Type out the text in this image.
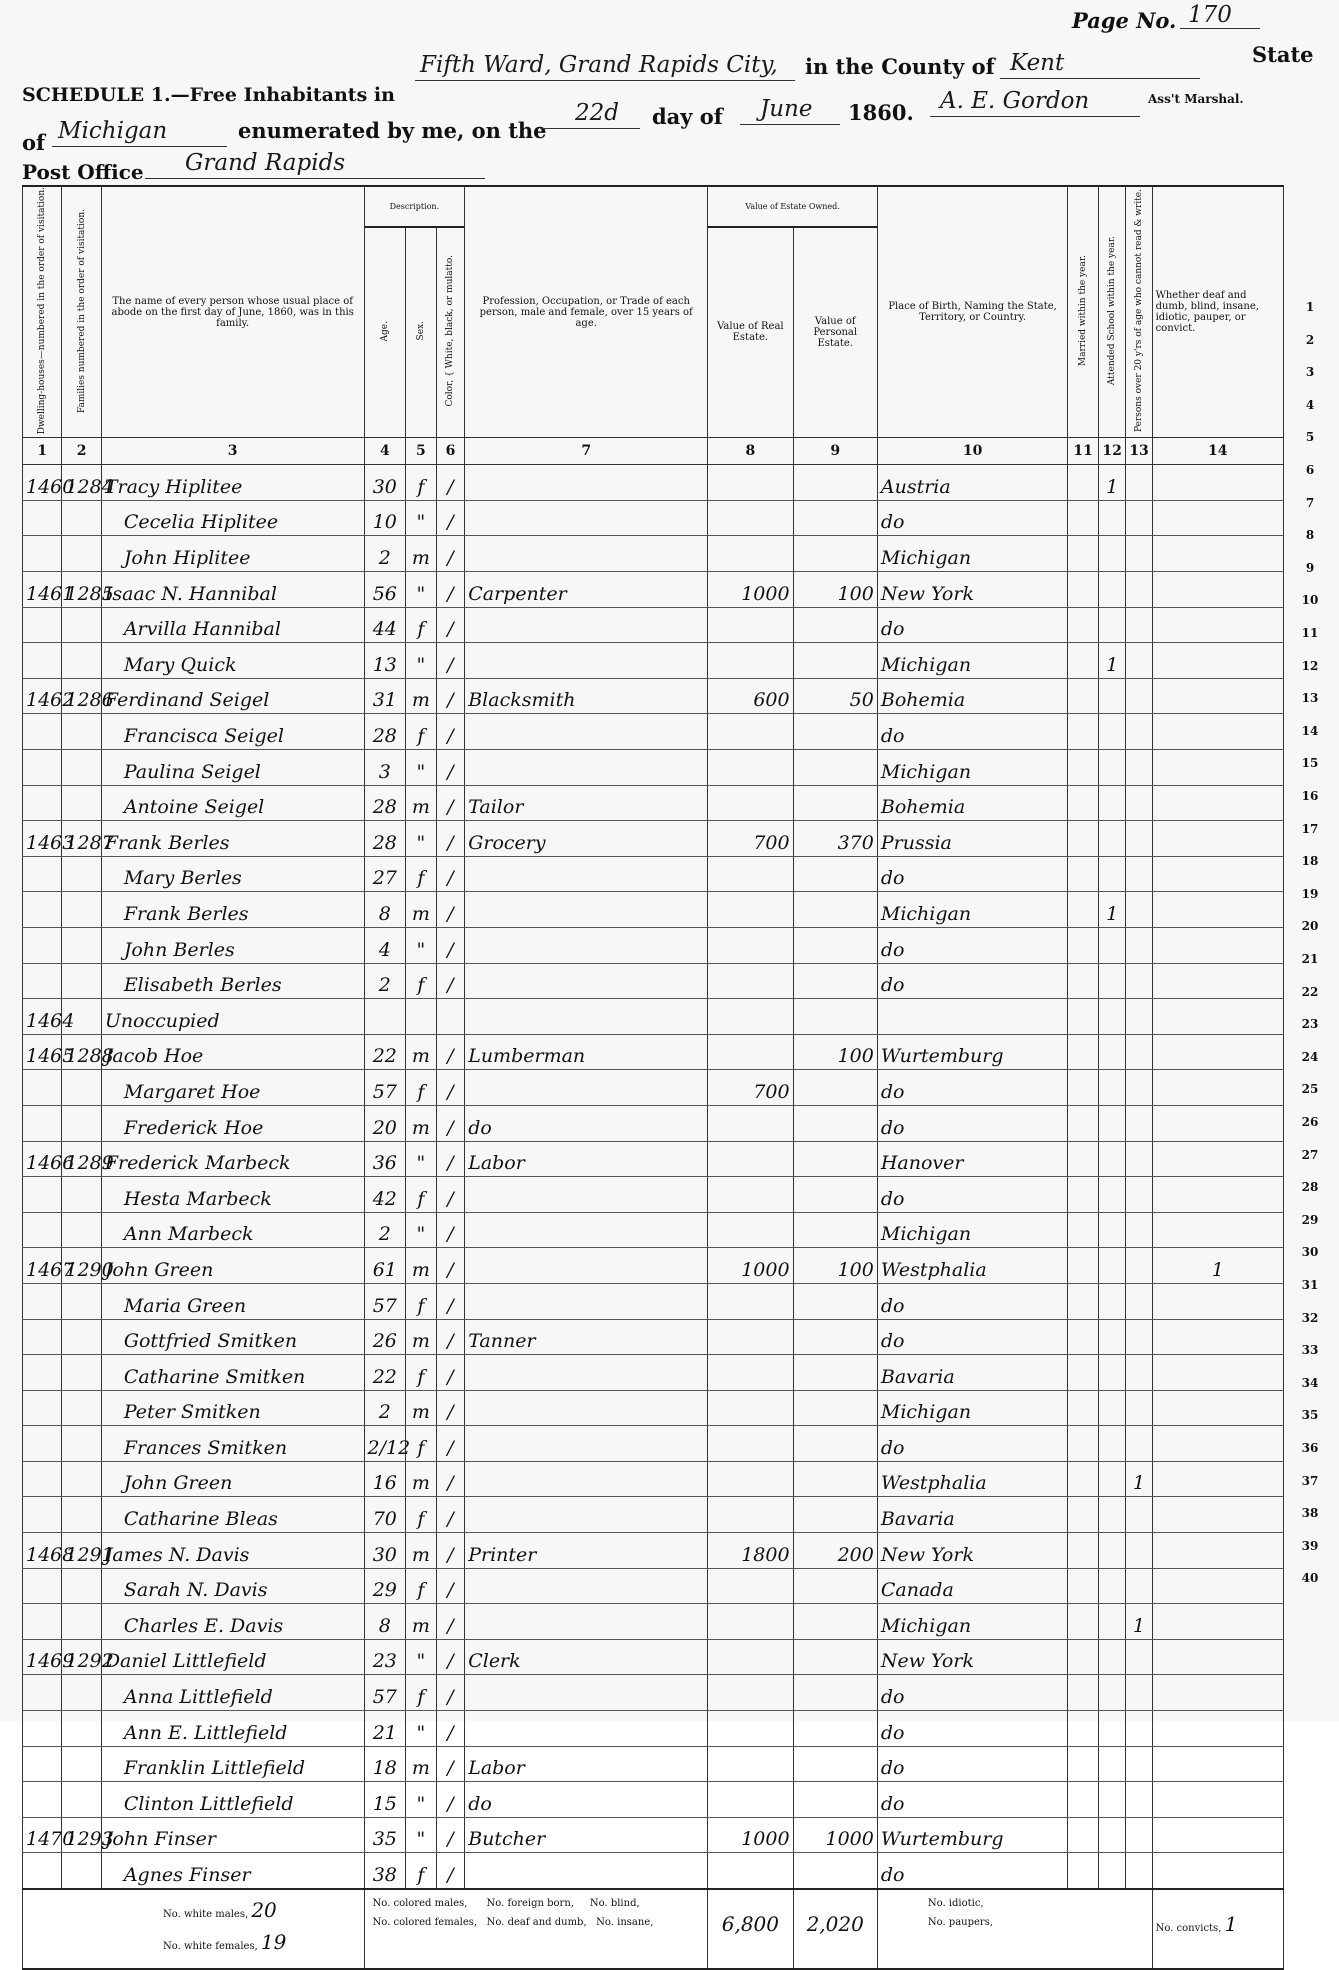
Page No. 170
SCHEDULE 1.—Free Inhabitants in
Fifth Ward, Grand Rapids City, in the County of Kent	State
of Michigan	enumerated by me, on the
22d day of June 1860. A. E. Gordon	Ass't Marshal.
Post Office Grand Rapids
Dwelling-houses—numbered in the order of visitation.	Families numbered in the order of visitation.	The name of every person whose usual place of abode on the first day of June, 1860, was in this family.	Description.			Profession, Occupation, or Trade of each person, male and female, over 15 years of age.	Value of Estate Owned.		Place of Birth, Naming the State, Territory, or Country.	Married within the year.	Attended School within the year.	Persons over 20 y'rs of age who cannot read & write.	Whether deaf and dumb, blind, insane, idiotic, pauper, or convict.
			Age.	Sex.	Color, { White, black, or mulatto.		Value of Real Estate.	Value of Personal Estate.					
1	2	3	4	5	6	7	8	9	10	11	12	13	14
1460	1284	Tracy Hiplitee	30	f	/				Austria		1		
		Cecelia Hiplitee	10	"	/				do				
		John Hiplitee	2	m	/				Michigan				
1461	1285	Isaac N. Hannibal	56	"	/	Carpenter	1000	100	New York				
		Arvilla Hannibal	44	f	/				do				
		Mary Quick	13	"	/				Michigan		1		
1462	1286	Ferdinand Seigel	31	m	/	Blacksmith	600	50	Bohemia				
		Francisca Seigel	28	f	/				do				
		Paulina Seigel	3	"	/				Michigan				
		Antoine Seigel	28	m	/	Tailor			Bohemia				
1463	1287	Frank Berles	28	"	/	Grocery	700	370	Prussia				
		Mary Berles	27	f	/				do				
		Frank Berles	8	m	/				Michigan		1		
		John Berles	4	"	/				do				
		Elisabeth Berles	2	f	/				do				
1464		Unoccupied											
1465	1288	Jacob Hoe	22	m	/	Lumberman		100	Wurtemburg				
		Margaret Hoe	57	f	/		700		do				
		Frederick Hoe	20	m	/	do			do				
1466	1289	Frederick Marbeck	36	"	/	Labor			Hanover				
		Hesta Marbeck	42	f	/				do				
		Ann Marbeck	2	"	/				Michigan				
1467	1290	John Green	61	m	/		1000	100	Westphalia				1
		Maria Green	57	f	/				do				
		Gottfried Smitken	26	m	/	Tanner			do				
		Catharine Smitken	22	f	/				Bavaria				
		Peter Smitken	2	m	/				Michigan				
		Frances Smitken	2/12	f	/				do				
		John Green	16	m	/				Westphalia			1	
		Catharine Bleas	70	f	/				Bavaria				
1468	1291	James N. Davis	30	m	/	Printer	1800	200	New York				
		Sarah N. Davis	29	f	/				Canada				
		Charles E. Davis	8	m	/				Michigan			1	
1469	1292	Daniel Littlefield	23	"	/	Clerk			New York				
		Anna Littlefield	57	f	/				do				
		Ann E. Littlefield	21	"	/				do				
		Franklin Littlefield	18	m	/	Labor			do				
		Clinton Littlefield	15	"	/	do			do				
1470	1293	John Finser	35	"	/	Butcher	1000	1000	Wurtemburg				
		Agnes Finser	38	f	/				do				

No. white males, 20
No. white females, 19			No. colored males, No. foreign born, No. blind,
No. colored females, No. deaf and dumb, No. insane,				6,800	2,020	No. idiotic,
No. paupers,				No. convicts, 1
1
2
3
4
5
6
7
8
9
10
11
12
13
14
15
16
17
18
19
20
21
22
23
24
25
26
27
28
29
30
31
32
33
34
35
36
37
38
39
40
